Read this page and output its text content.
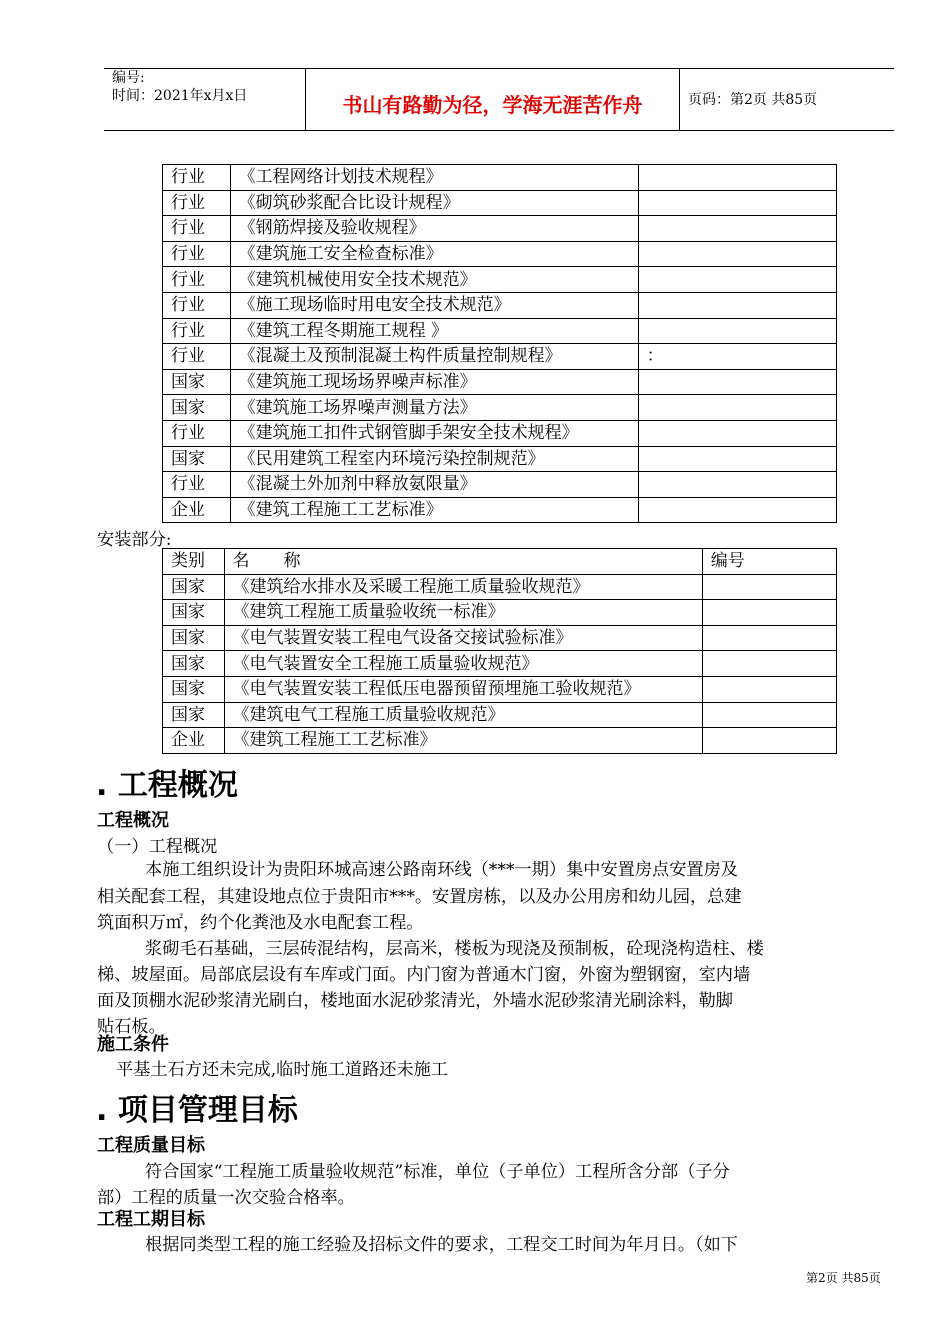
编号:
时间：2021年x月x日	书山有路勤为径，学海无涯苦作舟	页码：第2页 共85页
行业	《工程网络计划技术规程》	
行业	《砌筑砂浆配合比设计规程》	
行业	《钢筋焊接及验收规程》	
行业	《建筑施工安全检查标准》	
行业	《建筑机械使用安全技术规范》	
行业	《施工现场临时用电安全技术规范》	
行业	《建筑工程冬期施工规程 》	
行业	《混凝土及预制混凝土构件质量控制规程》	：
国家	《建筑施工现场场界噪声标准》	
国家	《建筑施工场界噪声测量方法》	
行业	《建筑施工扣件式钢管脚手架安全技术规程》	
国家	《民用建筑工程室内环境污染控制规范》	
行业	《混凝土外加剂中释放氨限量》	
企业	《建筑工程施工工艺标准》	
安装部分:
类别	名　　称	编号
国家	《建筑给水排水及采暖工程施工质量验收规范》	
国家	《建筑工程施工质量验收统一标准》	
国家	《电气装置安装工程电气设备交接试验标准》	
国家	《电气装置安全工程施工质量验收规范》	
国家	《电气装置安装工程低压电器预留预埋施工验收规范》	
国家	《建筑电气工程施工质量验收规范》	
企业	《建筑工程施工工艺标准》	
. 工程概况
工程概况
（一）工程概况
本施工组织设计为贵阳环城高速公路南环线（***一期）集中安置房点安置房及
相关配套工程，其建设地点位于贵阳市***。安置房栋，以及办公用房和幼儿园，总建
筑面积万㎡，约个化粪池及水电配套工程。
浆砌毛石基础，三层砖混结构，层高米，楼板为现浇及预制板，砼现浇构造柱、楼
梯、坡屋面。局部底层设有车库或门面。内门窗为普通木门窗，外窗为塑钢窗，室内墙
面及顶棚水泥砂浆清光刷白，楼地面水泥砂浆清光，外墙水泥砂浆清光刷涂料，勒脚
贴石板。
施工条件
平基土石方还未完成,临时施工道路还未施工
. 项目管理目标
工程质量目标
符合国家“工程施工质量验收规范”标准，单位（子单位）工程所含分部（子分
部）工程的质量一次交验合格率。
工程工期目标
根据同类型工程的施工经验及招标文件的要求，工程交工时间为年月日。（如下
第2页 共85页
